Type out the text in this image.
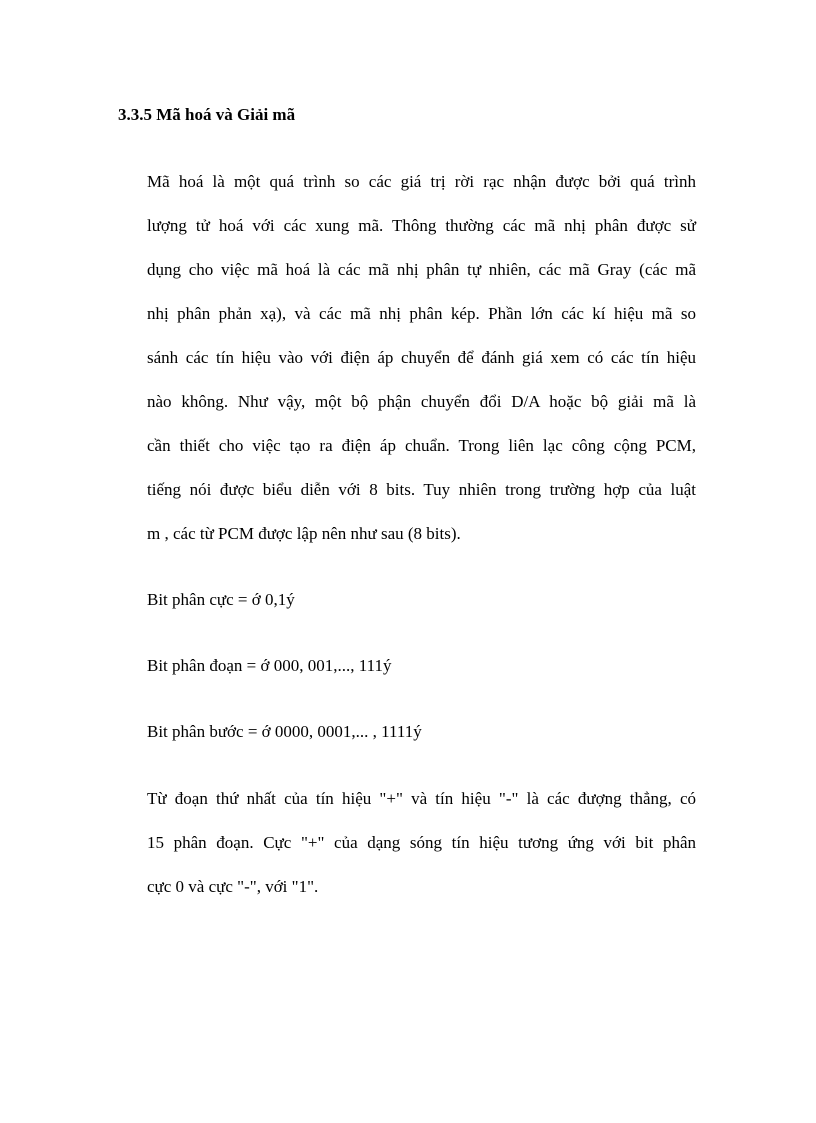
3.3.5 Mã hoá và Giải mã
Mã hoá là một quá trình so các giá trị rời rạc nhận được bởi quá trình
lượng tử hoá với các xung mã. Thông thường các mã nhị phân được sử
dụng cho việc mã hoá là các mã nhị phân tự nhiên, các mã Gray (các mã
nhị phân phản xạ), và các mã nhị phân kép. Phần lớn các kí hiệu mã so
sánh các tín hiệu vào với điện áp chuyển để đánh giá xem có các tín hiệu
nào không. Như vậy, một bộ phận chuyển đổi D/A hoặc bộ giải mã là
cần thiết cho việc tạo ra điện áp chuẩn. Trong liên lạc công cộng PCM,
tiếng nói được biểu diễn với 8 bits. Tuy nhiên trong trường hợp của luật
m , các từ PCM được lập nên như sau (8 bits).
Bit phân cực = ớ 0,1ý
Bit phân đoạn = ớ 000, 001,..., 111ý
Bit phân bước = ớ 0000, 0001,... , 1111ý
Từ đoạn thứ nhất của tín hiệu "+" và tín hiệu "-" là các đượng thẳng, có
15 phân đoạn. Cực "+" của dạng sóng tín hiệu tương ứng với bit phân
cực 0 và cực "-", với "1".
